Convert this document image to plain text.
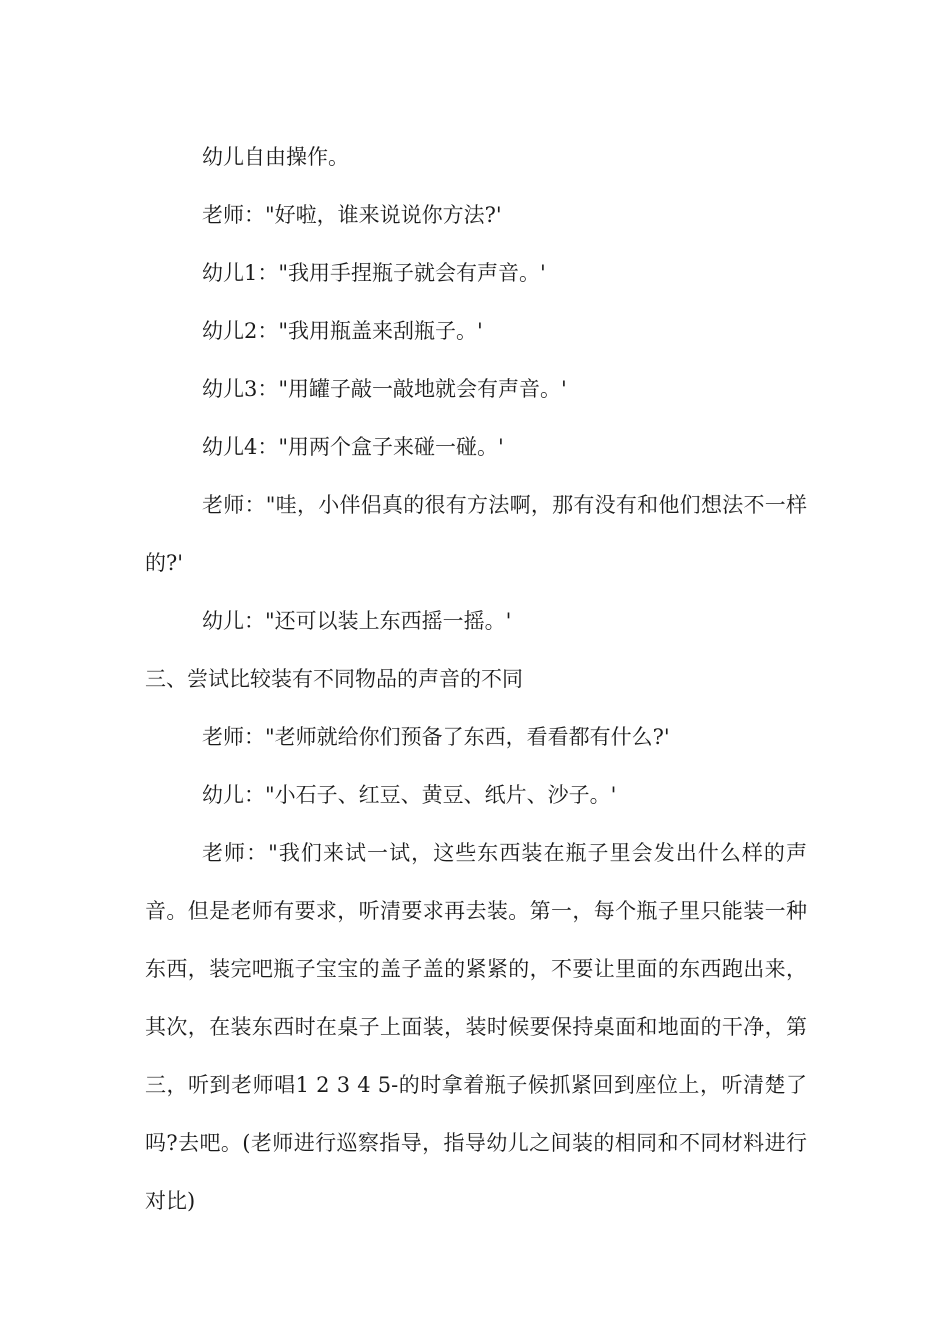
幼儿自由操作。

老师："好啦，谁来说说你方法?'

幼儿1："我用手捏瓶子就会有声音。'

幼儿2："我用瓶盖来刮瓶子。'

幼儿3："用罐子敲一敲地就会有声音。'

幼儿4："用两个盒子来碰一碰。'

老师："哇，小伴侣真的很有方法啊，那有没有和他们想法不一样的?'

幼儿："还可以装上东西摇一摇。'

三、尝试比较装有不同物品的声音的不同

老师："老师就给你们预备了东西，看看都有什么?'

幼儿："小石子、红豆、黄豆、纸片、沙子。'

老师："我们来试一试，这些东西装在瓶子里会发出什么样的声音。但是老师有要求，听清要求再去装。第一，每个瓶子里只能装一种东西，装完吧瓶子宝宝的盖子盖的紧紧的，不要让里面的东西跑出来，其次，在装东西时在桌子上面装，装时候要保持桌面和地面的干净，第三，听到老师唱1 2 3 4 5-的时拿着瓶子候抓紧回到座位上，听清楚了吗?去吧。(老师进行巡察指导，指导幼儿之间装的相同和不同材料进行对比)
